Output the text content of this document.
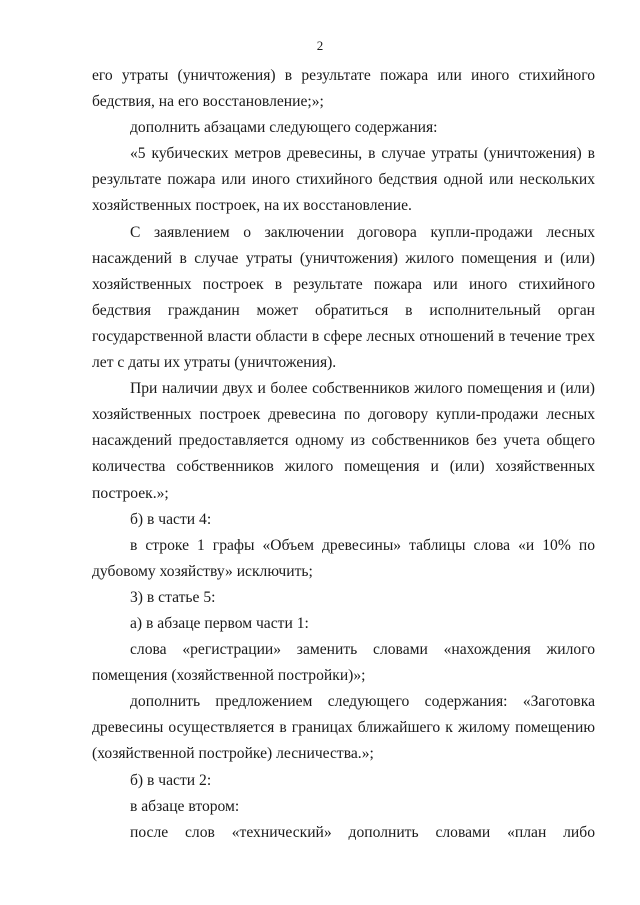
2

его утраты (уничтожения) в результате пожара или иного стихийного бедствия, на его восстановление;»;

дополнить абзацами следующего содержания:

«5 кубических метров древесины, в случае утраты (уничтожения) в результате пожара или иного стихийного бедствия одной или нескольких хозяйственных построек, на их восстановление.

С заявлением о заключении договора купли-продажи лесных насаждений в случае утраты (уничтожения) жилого помещения и (или) хозяйственных построек в результате пожара или иного стихийного бедствия гражданин может обратиться в исполнительный орган государственной власти области в сфере лесных отношений в течение трех лет с даты их утраты (уничтожения).

При наличии двух и более собственников жилого помещения и (или) хозяйственных построек древесина по договору купли-продажи лесных насаждений предоставляется одному из собственников без учета общего количества собственников жилого помещения и (или) хозяйственных построек.»;

б) в части 4:

в строке 1 графы «Объем древесины» таблицы слова «и 10% по дубовому хозяйству» исключить;

3) в статье 5:

а) в абзаце первом части 1:

слова «регистрации» заменить словами «нахождения жилого помещения (хозяйственной постройки)»;

дополнить предложением следующего содержания: «Заготовка древесины осуществляется в границах ближайшего к жилому помещению (хозяйственной постройке) лесничества.»;

б) в части 2:

в абзаце втором:

после слов «технический» дополнить словами «план либо
